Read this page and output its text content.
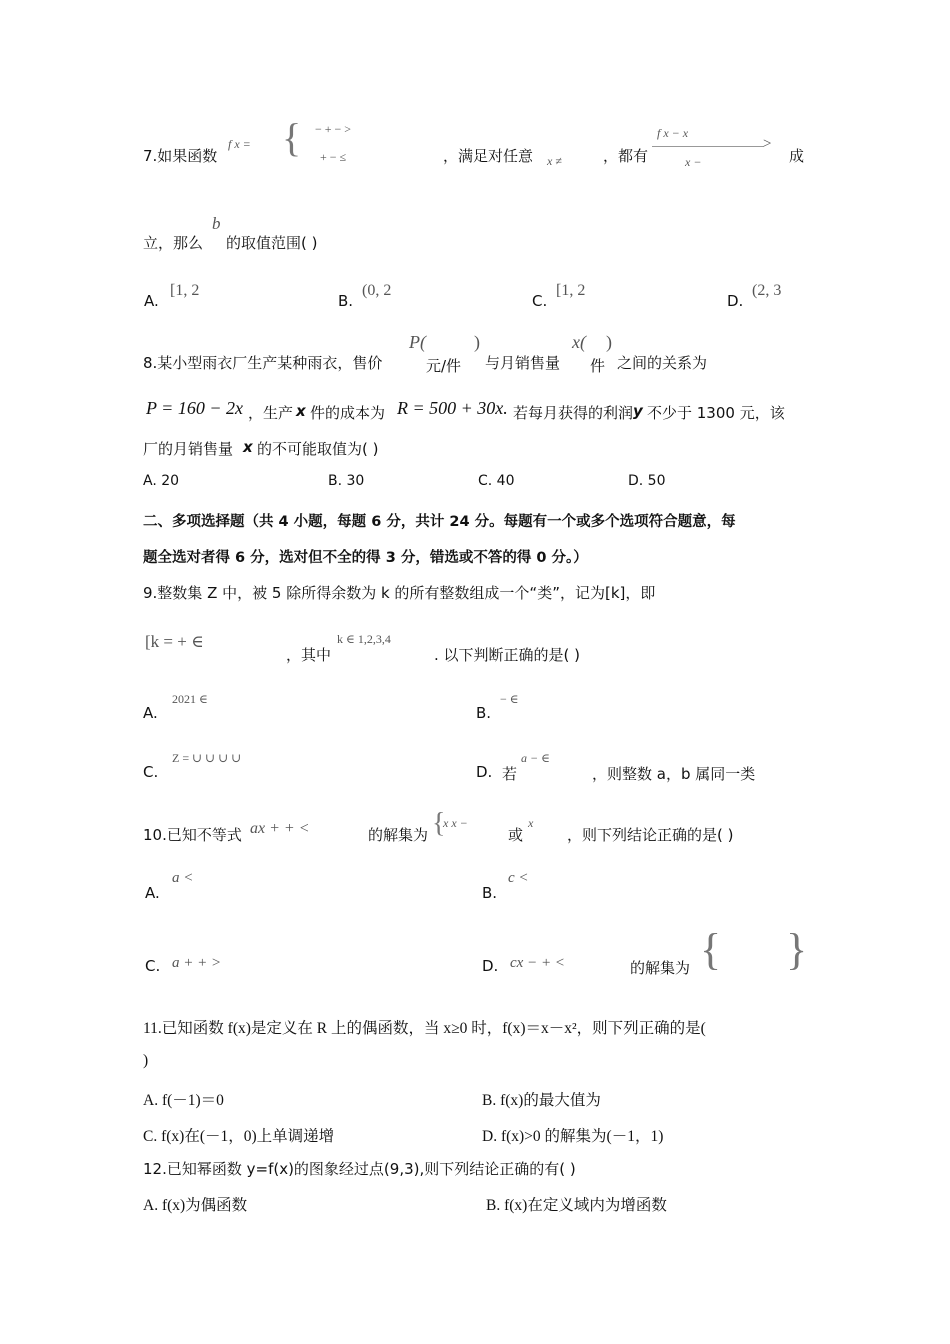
7.如果函数
f x = { − + − >
+ − ≤	，满足对任意 x ≠	，都有
f x − x
x −
>
成
立，那么
b
的取值范围( )
A.
[1, 2
B.
(0, 2
C.
[1, 2
D.
(2, 3
8.某小型雨衣厂生产某种雨衣，售价
P(
元/件
)
与月销售量
x(
件
)
之间的关系为
P = 160 − 2x ，生产 x 件的成本为 R = 500 + 30x. 若每月获得的利润 y 不少于 1300 元，该
厂的月销售量 x 的不可能取值为( )
A. 20	B. 30	C. 40	D. 50
二、多项选择题（共 4 小题，每题 6 分，共计 24 分。每题有一个或多个选项符合题意，每
题全选对者得 6 分，选对但不全的得 3 分，错选或不答的得 0 分。）
9.整数集 Z 中，被 5 除所得余数为 k 的所有整数组成一个“类”，记为[k]，即
[k = + ∈
，其中
k ∈ 1,2,3,4
. 以下判断正确的是( )
A.
2021 ∈
B.
− ∈
C.
Z = ∪ ∪ ∪ ∪
D. 若
a − ∈
，则整数 a，b 属同一类
10.已知不等式 ax + + <	的解集为 {
x x −
或
x
，则下列结论正确的是( )
A.
a <
B.
c <
C. a + + >	D. cx − + <	的解集为 { }
11.已知函数 f(x)是定义在 R 上的偶函数，当 x≥0 时，f(x)＝x－x²，则下列正确的是(
)
A. f(－1)＝0	B. f(x)的最大值为
C. f(x)在(－1，0)上单调递增	D. f(x)>0 的解集为(－1，1)
12.已知幂函数 y=f(x)的图象经过点(9,3),则下列结论正确的有( )
A. f(x)为偶函数	B. f(x)在定义域内为增函数
